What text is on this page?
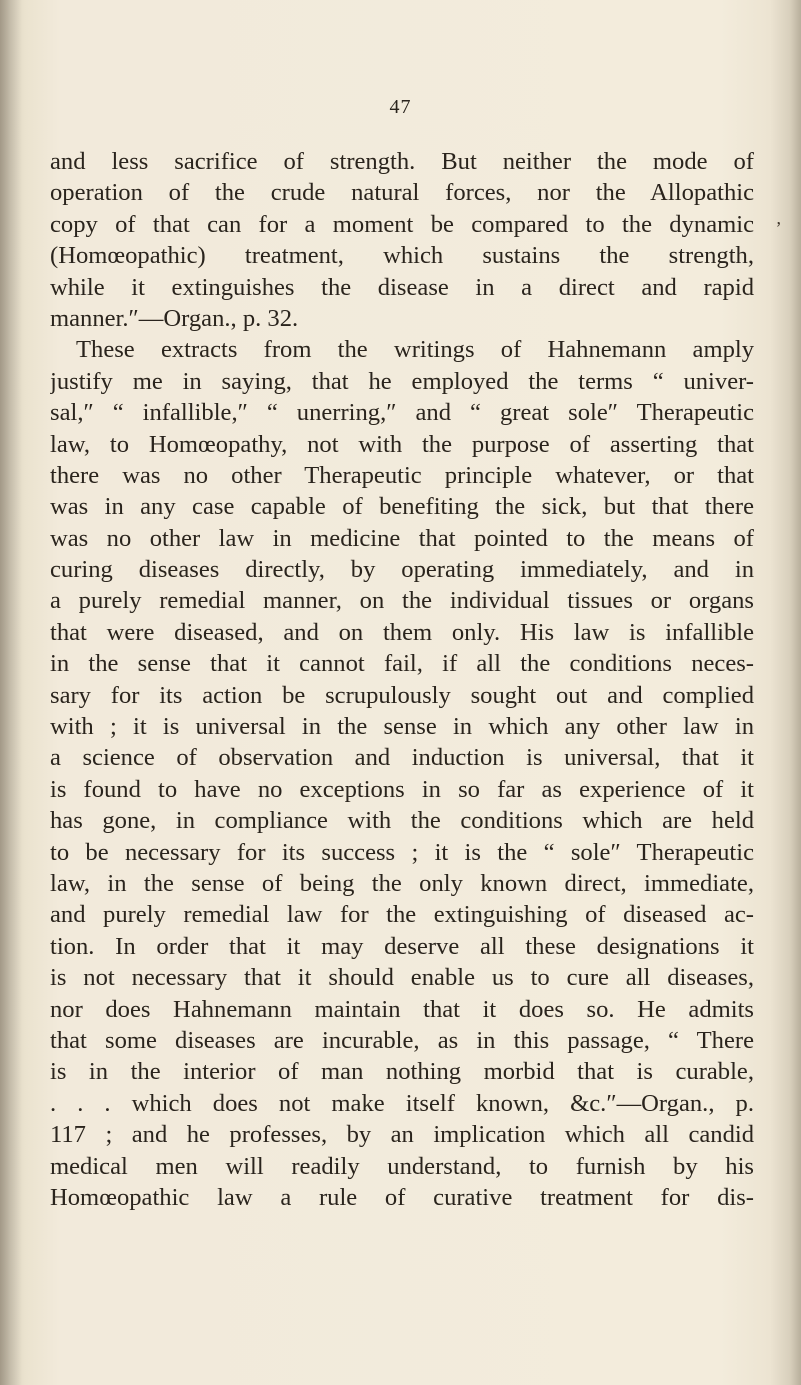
47
,
and less sacrifice of strength. But neither the mode of
operation of the crude natural forces, nor the Allopathic
copy of that can for a moment be compared to the dynamic
(Homœopathic) treatment, which sustains the strength,
while it extinguishes the disease in a direct and rapid
manner.″—Organ., p. 32.
These extracts from the writings of Hahnemann amply
justify me in saying, that he employed the terms “ univer-
sal,″ “ infallible,″ “ unerring,″ and “ great sole″ Therapeutic
law, to Homœopathy, not with the purpose of asserting that
there was no other Therapeutic principle whatever, or that
was in any case capable of benefiting the sick, but that there
was no other law in medicine that pointed to the means of
curing diseases directly, by operating immediately, and in
a purely remedial manner, on the individual tissues or organs
that were diseased, and on them only. His law is infallible
in the sense that it cannot fail, if all the conditions neces-
sary for its action be scrupulously sought out and complied
with ; it is universal in the sense in which any other law in
a science of observation and induction is universal, that it
is found to have no exceptions in so far as experience of it
has gone, in compliance with the conditions which are held
to be necessary for its success ; it is the “ sole″ Therapeutic
law, in the sense of being the only known direct, immediate,
and purely remedial law for the extinguishing of diseased ac-
tion. In order that it may deserve all these designations it
is not necessary that it should enable us to cure all diseases,
nor does Hahnemann maintain that it does so. He admits
that some diseases are incurable, as in this passage, “ There
is in the interior of man nothing morbid that is curable,
. . . which does not make itself known, &c.″—Organ., p.
117 ; and he professes, by an implication which all candid
medical men will readily understand, to furnish by his
Homœopathic law a rule of curative treatment for dis-
